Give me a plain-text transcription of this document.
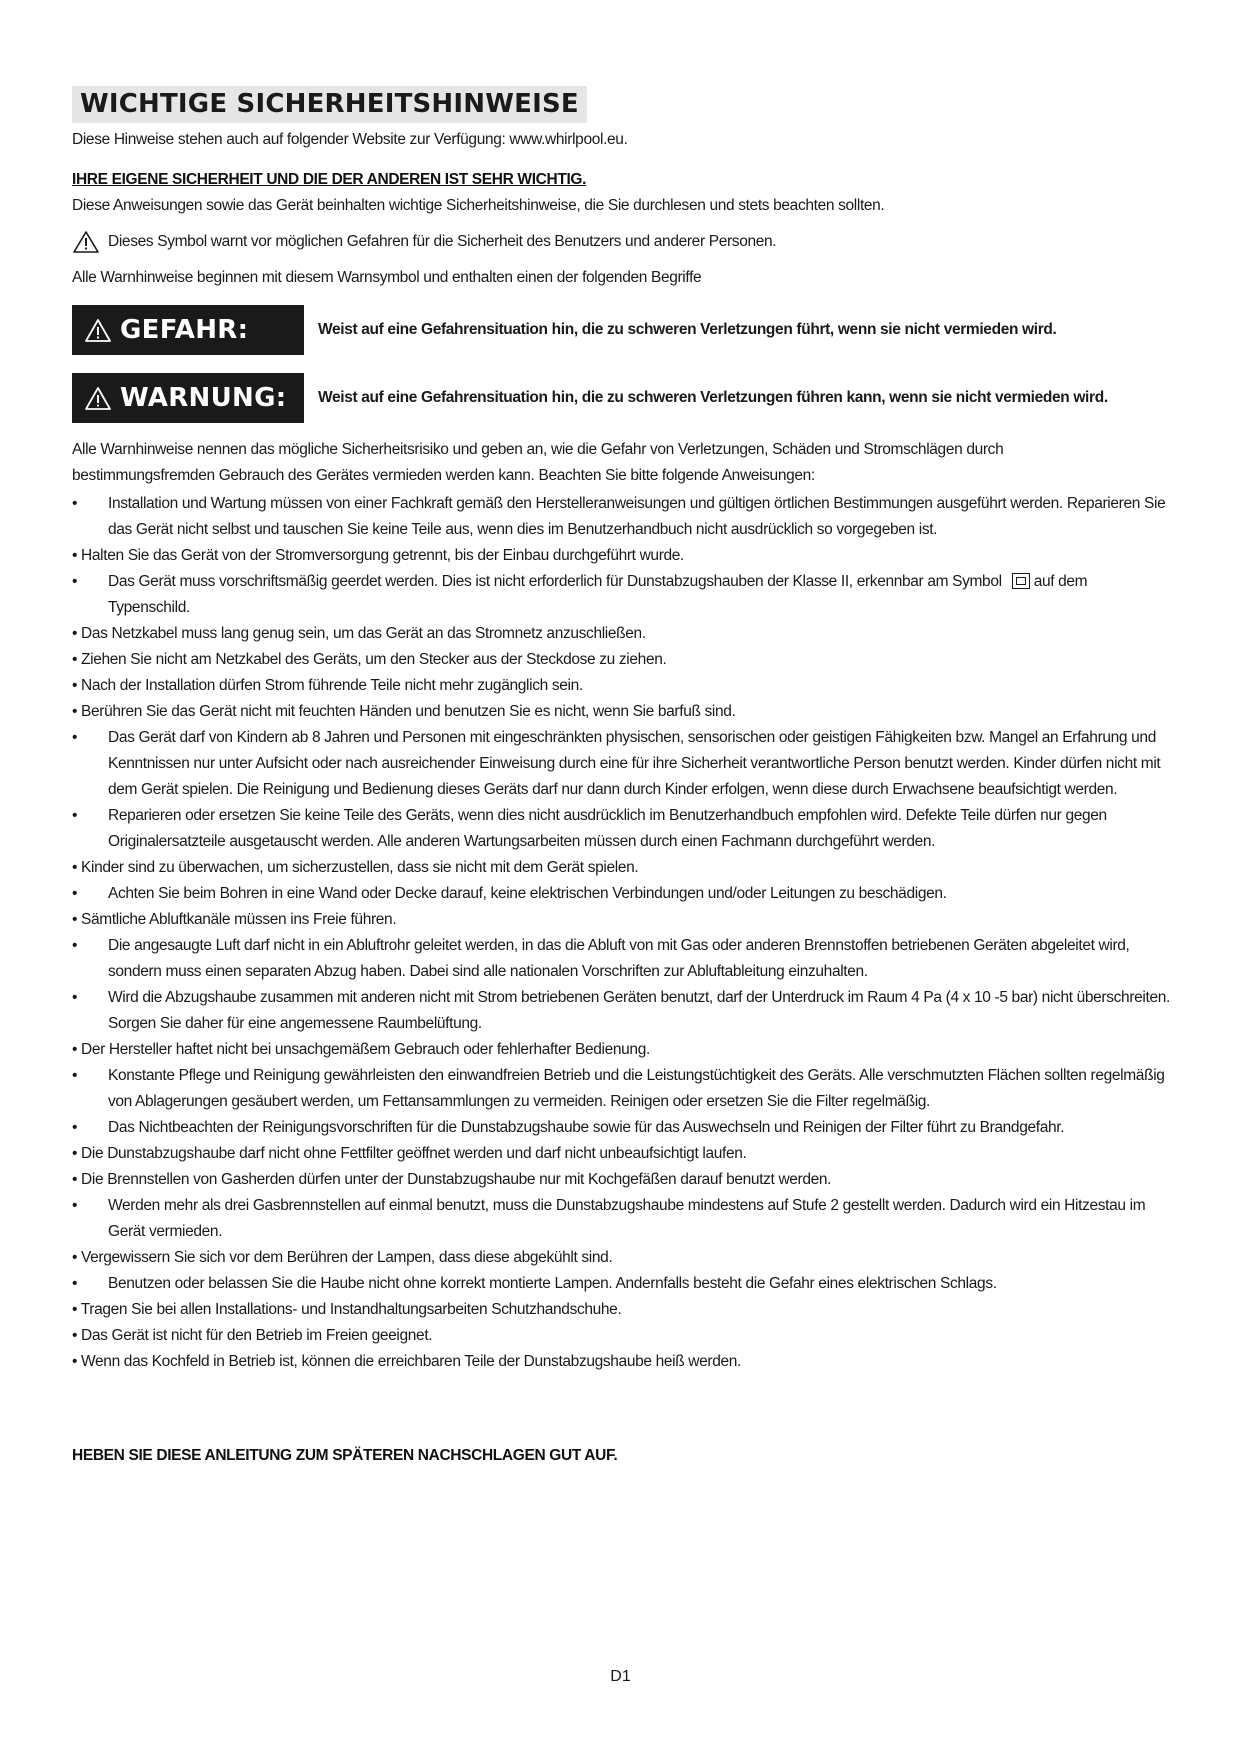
WICHTIGE SICHERHEITSHINWEISE
Diese Hinweise stehen auch auf folgender Website zur Verfügung: www.whirlpool.eu.
IHRE EIGENE SICHERHEIT UND DIE DER ANDEREN IST SEHR WICHTIG.
Diese Anweisungen sowie das Gerät beinhalten wichtige Sicherheitshinweise, die Sie durchlesen und stets beachten sollten.
Dieses Symbol warnt vor möglichen Gefahren für die Sicherheit des Benutzers und anderer Personen.
Alle Warnhinweise beginnen mit diesem Warnsymbol und enthalten einen der folgenden Begriffe
GEFAHR:	Weist auf eine Gefahrensituation hin, die zu schweren Verletzungen führt, wenn sie nicht vermieden wird.
WARNUNG: Weist auf eine Gefahrensituation hin, die zu schweren Verletzungen führen kann, wenn sie nicht vermieden wird.
Alle Warnhinweise nennen das mögliche Sicherheitsrisiko und geben an, wie die Gefahr von Verletzungen, Schäden und Stromschlägen durch
bestimmungsfremden Gebrauch des Gerätes vermieden werden kann. Beachten Sie bitte folgende Anweisungen:
• Installation und Wartung müssen von einer Fachkraft gemäß den Herstelleranweisungen und gültigen örtlichen Bestimmungen ausgeführt werden. Reparieren Sie das Gerät nicht selbst und tauschen Sie keine Teile aus, wenn dies im Benutzerhandbuch nicht ausdrücklich so vorgegeben ist.
• Halten Sie das Gerät von der Stromversorgung getrennt, bis der Einbau durchgeführt wurde.
• Das Gerät muss vorschriftsmäßig geerdet werden. Dies ist nicht erforderlich für Dunstabzugshauben der Klasse II, erkennbar am Symbol auf dem Typenschild.
• Das Netzkabel muss lang genug sein, um das Gerät an das Stromnetz anzuschließen.
• Ziehen Sie nicht am Netzkabel des Geräts, um den Stecker aus der Steckdose zu ziehen.
• Nach der Installation dürfen Strom führende Teile nicht mehr zugänglich sein.
• Berühren Sie das Gerät nicht mit feuchten Händen und benutzen Sie es nicht, wenn Sie barfuß sind.
• Das Gerät darf von Kindern ab 8 Jahren und Personen mit eingeschränkten physischen, sensorischen oder geistigen Fähigkeiten bzw. Mangel an Erfahrung und Kenntnissen nur unter Aufsicht oder nach ausreichender Einweisung durch eine für ihre Sicherheit verantwortliche Person benutzt werden. Kinder dürfen nicht mit dem Gerät spielen. Die Reinigung und Bedienung dieses Geräts darf nur dann durch Kinder erfolgen, wenn diese durch Erwachsene beaufsichtigt werden.
• Reparieren oder ersetzen Sie keine Teile des Geräts, wenn dies nicht ausdrücklich im Benutzerhandbuch empfohlen wird. Defekte Teile dürfen nur gegen Originalersatzteile ausgetauscht werden. Alle anderen Wartungsarbeiten müssen durch einen Fachmann durchgeführt werden.
• Kinder sind zu überwachen, um sicherzustellen, dass sie nicht mit dem Gerät spielen.
• Achten Sie beim Bohren in eine Wand oder Decke darauf, keine elektrischen Verbindungen und/oder Leitungen zu beschädigen.
• Sämtliche Abluftkanäle müssen ins Freie führen.
• Die angesaugte Luft darf nicht in ein Abluftrohr geleitet werden, in das die Abluft von mit Gas oder anderen Brennstoffen betriebenen Geräten abgeleitet wird, sondern muss einen separaten Abzug haben. Dabei sind alle nationalen Vorschriften zur Abluftableitung einzuhalten.
• Wird die Abzugshaube zusammen mit anderen nicht mit Strom betriebenen Geräten benutzt, darf der Unterdruck im Raum 4 Pa (4 x 10 -5 bar) nicht überschreiten. Sorgen Sie daher für eine angemessene Raumbelüftung.
• Der Hersteller haftet nicht bei unsachgemäßem Gebrauch oder fehlerhafter Bedienung.
• Konstante Pflege und Reinigung gewährleisten den einwandfreien Betrieb und die Leistungstüchtigkeit des Geräts. Alle verschmutzten Flächen sollten regelmäßig von Ablagerungen gesäubert werden, um Fettansammlungen zu vermeiden. Reinigen oder ersetzen Sie die Filter regelmäßig.
• Das Nichtbeachten der Reinigungsvorschriften für die Dunstabzugshaube sowie für das Auswechseln und Reinigen der Filter führt zu Brandgefahr.
• Die Dunstabzugshaube darf nicht ohne Fettfilter geöffnet werden und darf nicht unbeaufsichtigt laufen.
• Die Brennstellen von Gasherden dürfen unter der Dunstabzugshaube nur mit Kochgefäßen darauf benutzt werden.
• Werden mehr als drei Gasbrennstellen auf einmal benutzt, muss die Dunstabzugshaube mindestens auf Stufe 2 gestellt werden. Dadurch wird ein Hitzestau im Gerät vermieden.
• Vergewissern Sie sich vor dem Berühren der Lampen, dass diese abgekühlt sind.
• Benutzen oder belassen Sie die Haube nicht ohne korrekt montierte Lampen. Andernfalls besteht die Gefahr eines elektrischen Schlags.
• Tragen Sie bei allen Installations- und Instandhaltungsarbeiten Schutzhandschuhe.
• Das Gerät ist nicht für den Betrieb im Freien geeignet.
• Wenn das Kochfeld in Betrieb ist, können die erreichbaren Teile der Dunstabzugshaube heiß werden.
HEBEN SIE DIESE ANLEITUNG ZUM SPÄTEREN NACHSCHLAGEN GUT AUF.
D1
